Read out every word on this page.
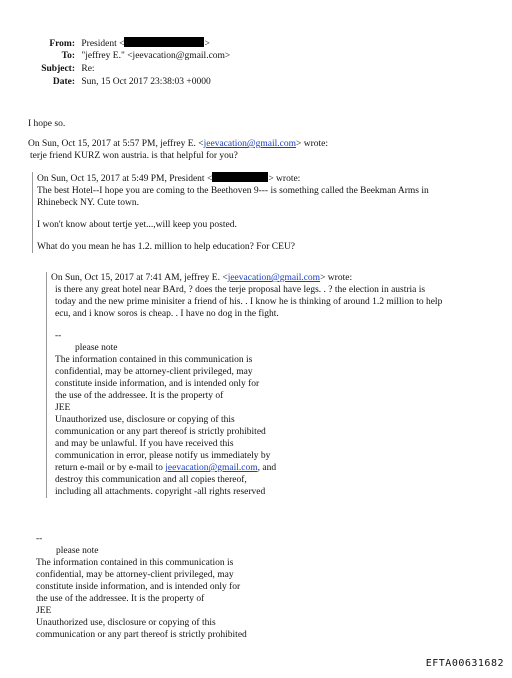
From: President <	>
To: "jeffrey E." <jeevacation@gmail.com>
Subject: Re:
Date: Sun, 15 Oct 2017 23:38:03 +0000
I hope so.
On Sun, Oct 15, 2017 at 5:57 PM, jeffrey E. <jeevacation@gmail.com> wrote:
terje friend KURZ won austria. is that helpful for you?
On Sun, Oct 15, 2017 at 5:49 PM, President <	> wrote:
The best Hotel--I hope you are coming to the Beethoven 9--- is something called the Beekman Arms in
Rhinebeck NY. Cute town.
I won't know about tertje yet...,will keep you posted.
What do you mean he has 1.2. million to help education? For CEU?
On Sun, Oct 15, 2017 at 7:41 AM, jeffrey E. <jeevacation@gmail.com> wrote:
is there any great hotel near BArd, ? does the terje proposal have legs. . ? the election in austria is
today and the new prime minisiter a friend of his. . I know he is thinking of around 1.2 million to help
ecu, and i know soros is cheap. . I have no dog in the fight.
--
please note
The information contained in this communication is
confidential, may be attorney-client privileged, may
constitute inside information, and is intended only for
the use of the addressee. It is the property of
JEE
Unauthorized use, disclosure or copying of this
communication or any part thereof is strictly prohibited
and may be unlawful. If you have received this
communication in error, please notify us immediately by
return e-mail or by e-mail to jeevacation@gmail.com, and
destroy this communication and all copies thereof,
including all attachments. copyright -all rights reserved
--
please note
The information contained in this communication is
confidential, may be attorney-client privileged, may
constitute inside information, and is intended only for
the use of the addressee. It is the property of
JEE
Unauthorized use, disclosure or copying of this
communication or any part thereof is strictly prohibited
EFTA00631682
